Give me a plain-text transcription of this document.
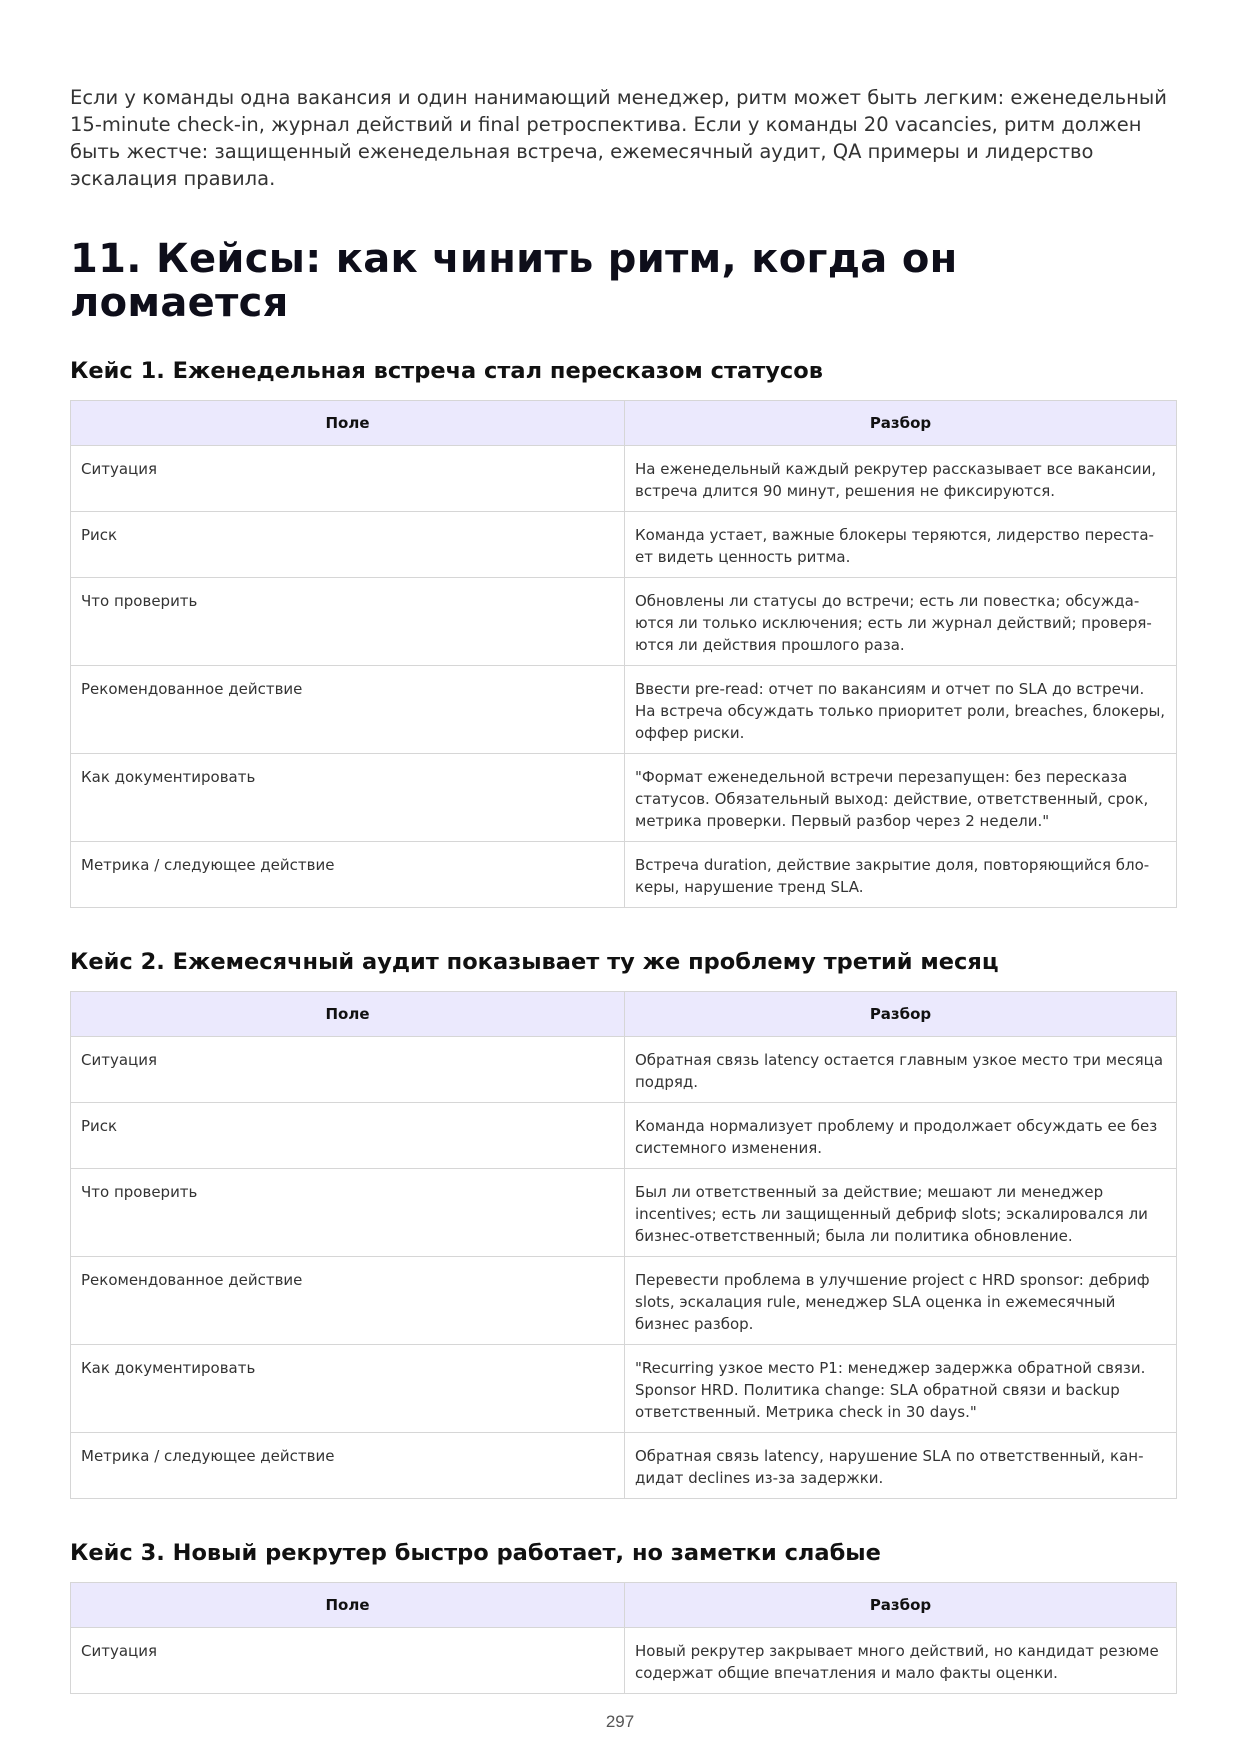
Если у команды одна вакансия и один нанимающий менеджер, ритм может быть легким: еженедельный 15-minute check-in, журнал действий и final ретроспектива. Если у команды 20 vacancies, ритм должен быть жестче: защищенный еженедельная встреча, ежемесячный аудит, QA примеры и лидерство эскалация правила.

11. Кейсы: как чинить ритм, когда он ломается
Кейс 1. Еженедельная встреча стал пересказом статусов
Поле	Разбор
Ситуация	На еженедельный каждый рекрутер рассказывает все вакансии, встреча длится 90 минут, решения не фиксируются.
Риск	Команда устает, важные блокеры теряются, лидерство перестает видеть ценность ритма.
Что проверить	Обновлены ли статусы до встречи; есть ли повестка; обсуждаются ли только исключения; есть ли журнал действий; проверяются ли действия прошлого раза.
Рекомендованное действие	Ввести pre-read: отчет по вакансиям и отчет по SLA до встречи. На встреча обсуждать только приоритет роли, breaches, блокеры, оффер риски.
Как документировать	"Формат еженедельной встречи перезапущен: без пересказа статусов. Обязательный выход: действие, ответственный, срок, метрика проверки. Первый разбор через 2 недели."
Метрика / следующее действие	Встреча duration, действие закрытие доля, повторяющийся блокеры, нарушение тренд SLA.
Кейс 2. Ежемесячный аудит показывает ту же проблему третий месяц
Поле	Разбор
Ситуация	Обратная связь latency остается главным узкое место три месяца подряд.
Риск	Команда нормализует проблему и продолжает обсуждать ее без системного изменения.
Что проверить	Был ли ответственный за действие; мешают ли менеджер incentives; есть ли защищенный дебриф slots; эскалировался ли бизнес-ответственный; была ли политика обновление.
Рекомендованное действие	Перевести проблема в улучшение project с HRD sponsor: дебриф slots, эскалация rule, менеджер SLA оценка in ежемесячный бизнес разбор.
Как документировать	"Recurring узкое место P1: менеджер задержка обратной связи. Sponsor HRD. Политика change: SLA обратной связи и backup ответственный. Метрика check in 30 days."
Метрика / следующее действие	Обратная связь latency, нарушение SLA по ответственный, кандидат declines из-за задержки.
Кейс 3. Новый рекрутер быстро работает, но заметки слабые
Поле	Разбор
Ситуация	Новый рекрутер закрывает много действий, но кандидат резюме содержат общие впечатления и мало факты оценки.
297
